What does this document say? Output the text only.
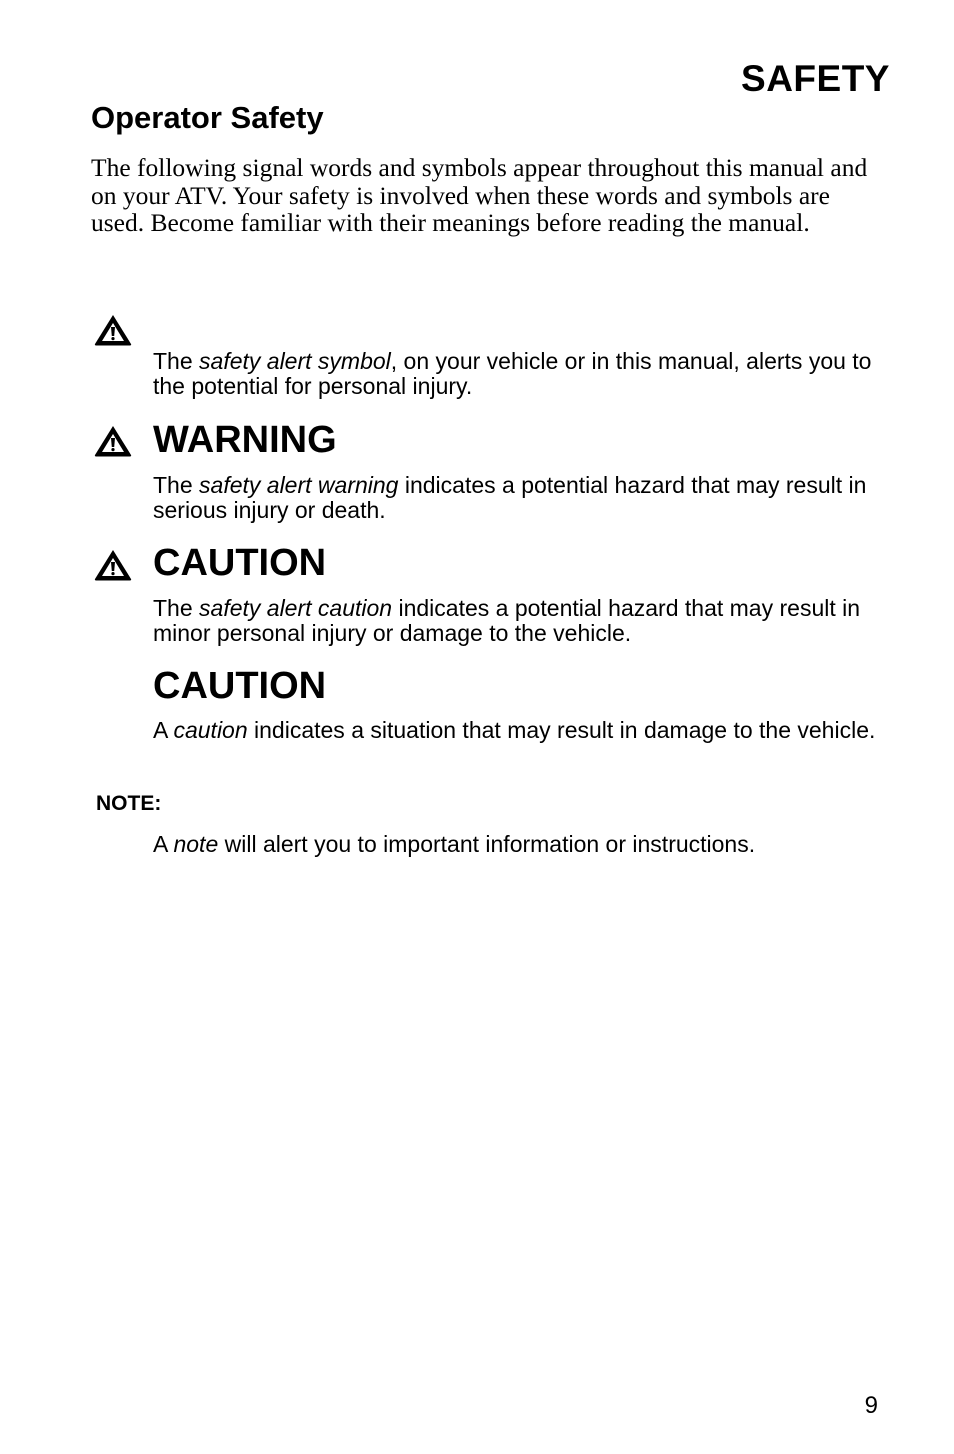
SAFETY
Operator Safety
The following signal words and symbols appear throughout this manual and on your ATV. Your safety is involved when these words and symbols are used. Become familiar with their meanings before reading the manual.
The safety alert symbol, on your vehicle or in this manual, alerts you to the potential for personal injury.
WARNING
The safety alert warning indicates a potential hazard that may result in serious injury or death.
CAUTION
The safety alert caution indicates a potential hazard that may result in minor personal injury or damage to the vehicle.
CAUTION
A caution indicates a situation that may result in damage to the vehicle.
NOTE:
A note will alert you to important information or instructions.
9
